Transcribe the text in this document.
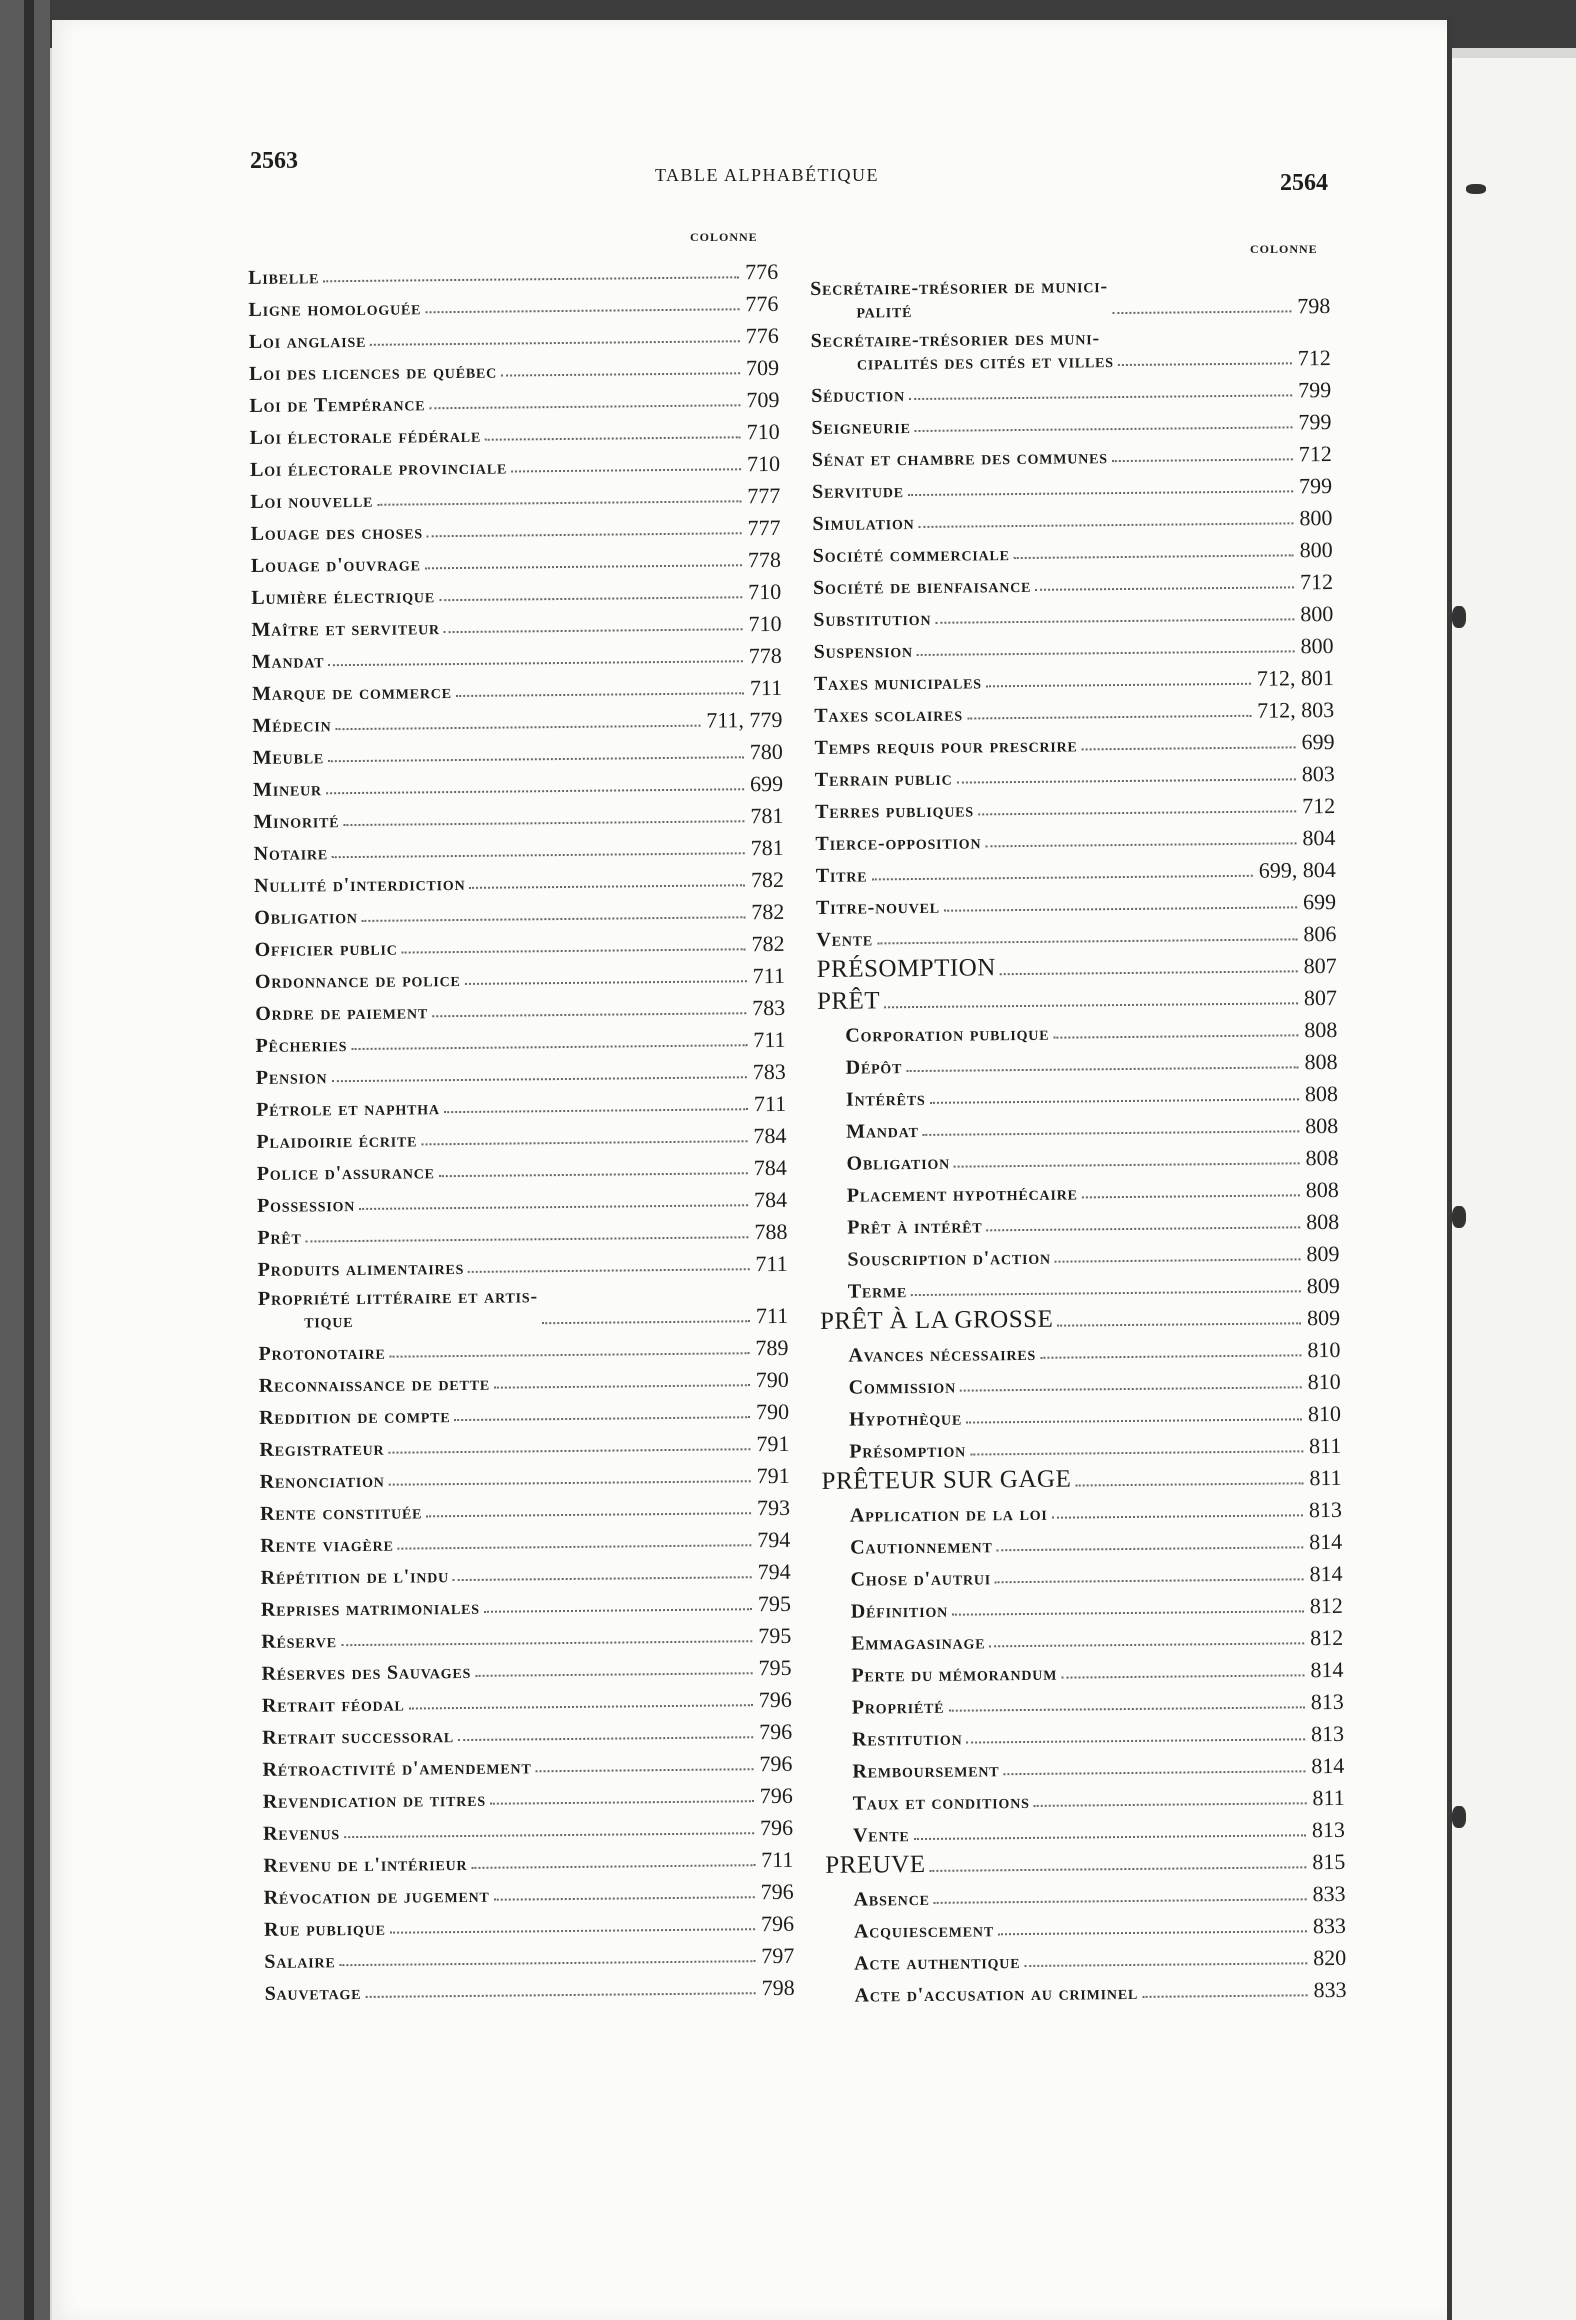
2563
TABLE ALPHABÉTIQUE	2564
COLONNE
COLONNE
Libelle	776
Ligne homologuée	776
Loi anglaise	776
Loi des licences de québec	709
Loi de Tempérance	709
Loi électorale fédérale	710
Loi électorale provinciale	710
Loi nouvelle	777
Louage des choses	777
Louage d'ouvrage	778
Lumière électrique	710
Maître et serviteur	710
Mandat	778
Marque de commerce	711
Médecin	711, 779
Meuble	780
Mineur	699
Minorité	781
Notaire	781
Nullité d'interdiction	782
Obligation	782
Officier public	782
Ordonnance de police	711
Ordre de paiement	783
Pêcheries	711
Pension	783
Pétrole et naphtha	711
Plaidoirie écrite	784
Police d'assurance	784
Possession	784
Prêt	788
Produits alimentaires	711
Propriété littéraire et artis-
tique	711
Protonotaire	789
Reconnaissance de dette	790
Reddition de compte	790
Registrateur	791
Renonciation	791
Rente constituée	793
Rente viagère	794
Répétition de l'indu	794
Reprises matrimoniales	795
Réserve	795
Réserves des Sauvages	795
Retrait féodal	796
Retrait successoral	796
Rétroactivité d'amendement	796
Revendication de titres	796
Revenus	796
Revenu de l'intérieur	711
Révocation de jugement	796
Rue publique	796
Salaire	797
Sauvetage	798
Secrétaire-trésorier de munici-
palité	798
Secrétaire-trésorier des muni-
cipalités des cités et villes	712
Séduction	799
Seigneurie	799
Sénat et chambre des communes	712
Servitude	799
Simulation	800
Société commerciale	800
Société de bienfaisance	712
Substitution	800
Suspension	800
Taxes municipales	712, 801
Taxes scolaires	712, 803
Temps requis pour prescrire	699
Terrain public	803
Terres publiques	712
Tierce-opposition	804
Titre	699, 804
Titre-nouvel	699
Vente	806
PRÉSOMPTION	807
PRÊT	807
Corporation publique	808
Dépôt	808
Intérêts	808
Mandat	808
Obligation	808
Placement hypothécaire	808
Prêt à intérêt	808
Souscription d'action	809
Terme	809
PRÊT À LA GROSSE	809
Avances nécessaires	810
Commission	810
Hypothèque	810
Présomption	811
PRÊTEUR SUR GAGE	811
Application de la loi	813
Cautionnement	814
Chose d'autrui	814
Définition	812
Emmagasinage	812
Perte du mémorandum	814
Propriété	813
Restitution	813
Remboursement	814
Taux et conditions	811
Vente	813
PREUVE	815
Absence	833
Acquiescement	833
Acte authentique	820
Acte d'accusation au criminel	833
